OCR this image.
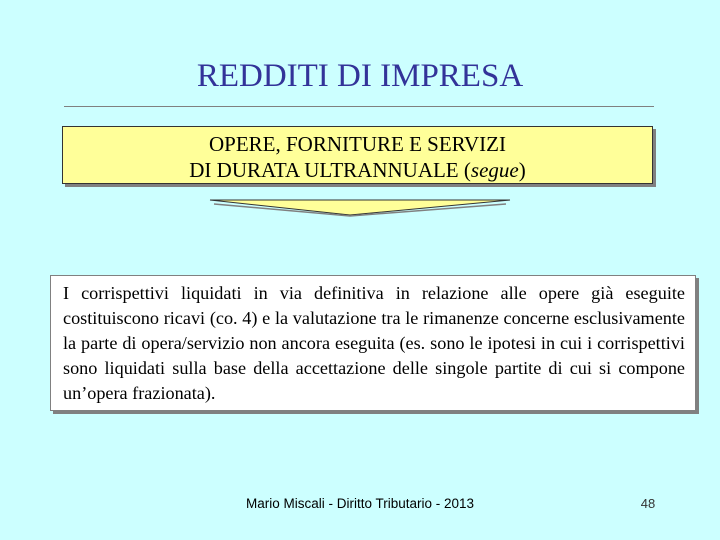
REDDITI DI IMPRESA
OPERE, FORNITURE E SERVIZI
DI DURATA ULTRANNUALE (segue)

I corrispettivi liquidati in via definitiva in relazione alle opere già eseguite costituiscono ricavi (co. 4) e la valutazione tra le rimanenze concerne esclusivamente la parte di opera/servizio non ancora eseguita (es. sono le ipotesi in cui i corrispettivi sono liquidati sulla base della accettazione delle singole partite di cui si compone un’opera frazionata).

Mario Miscali - Diritto Tributario - 2013	48
